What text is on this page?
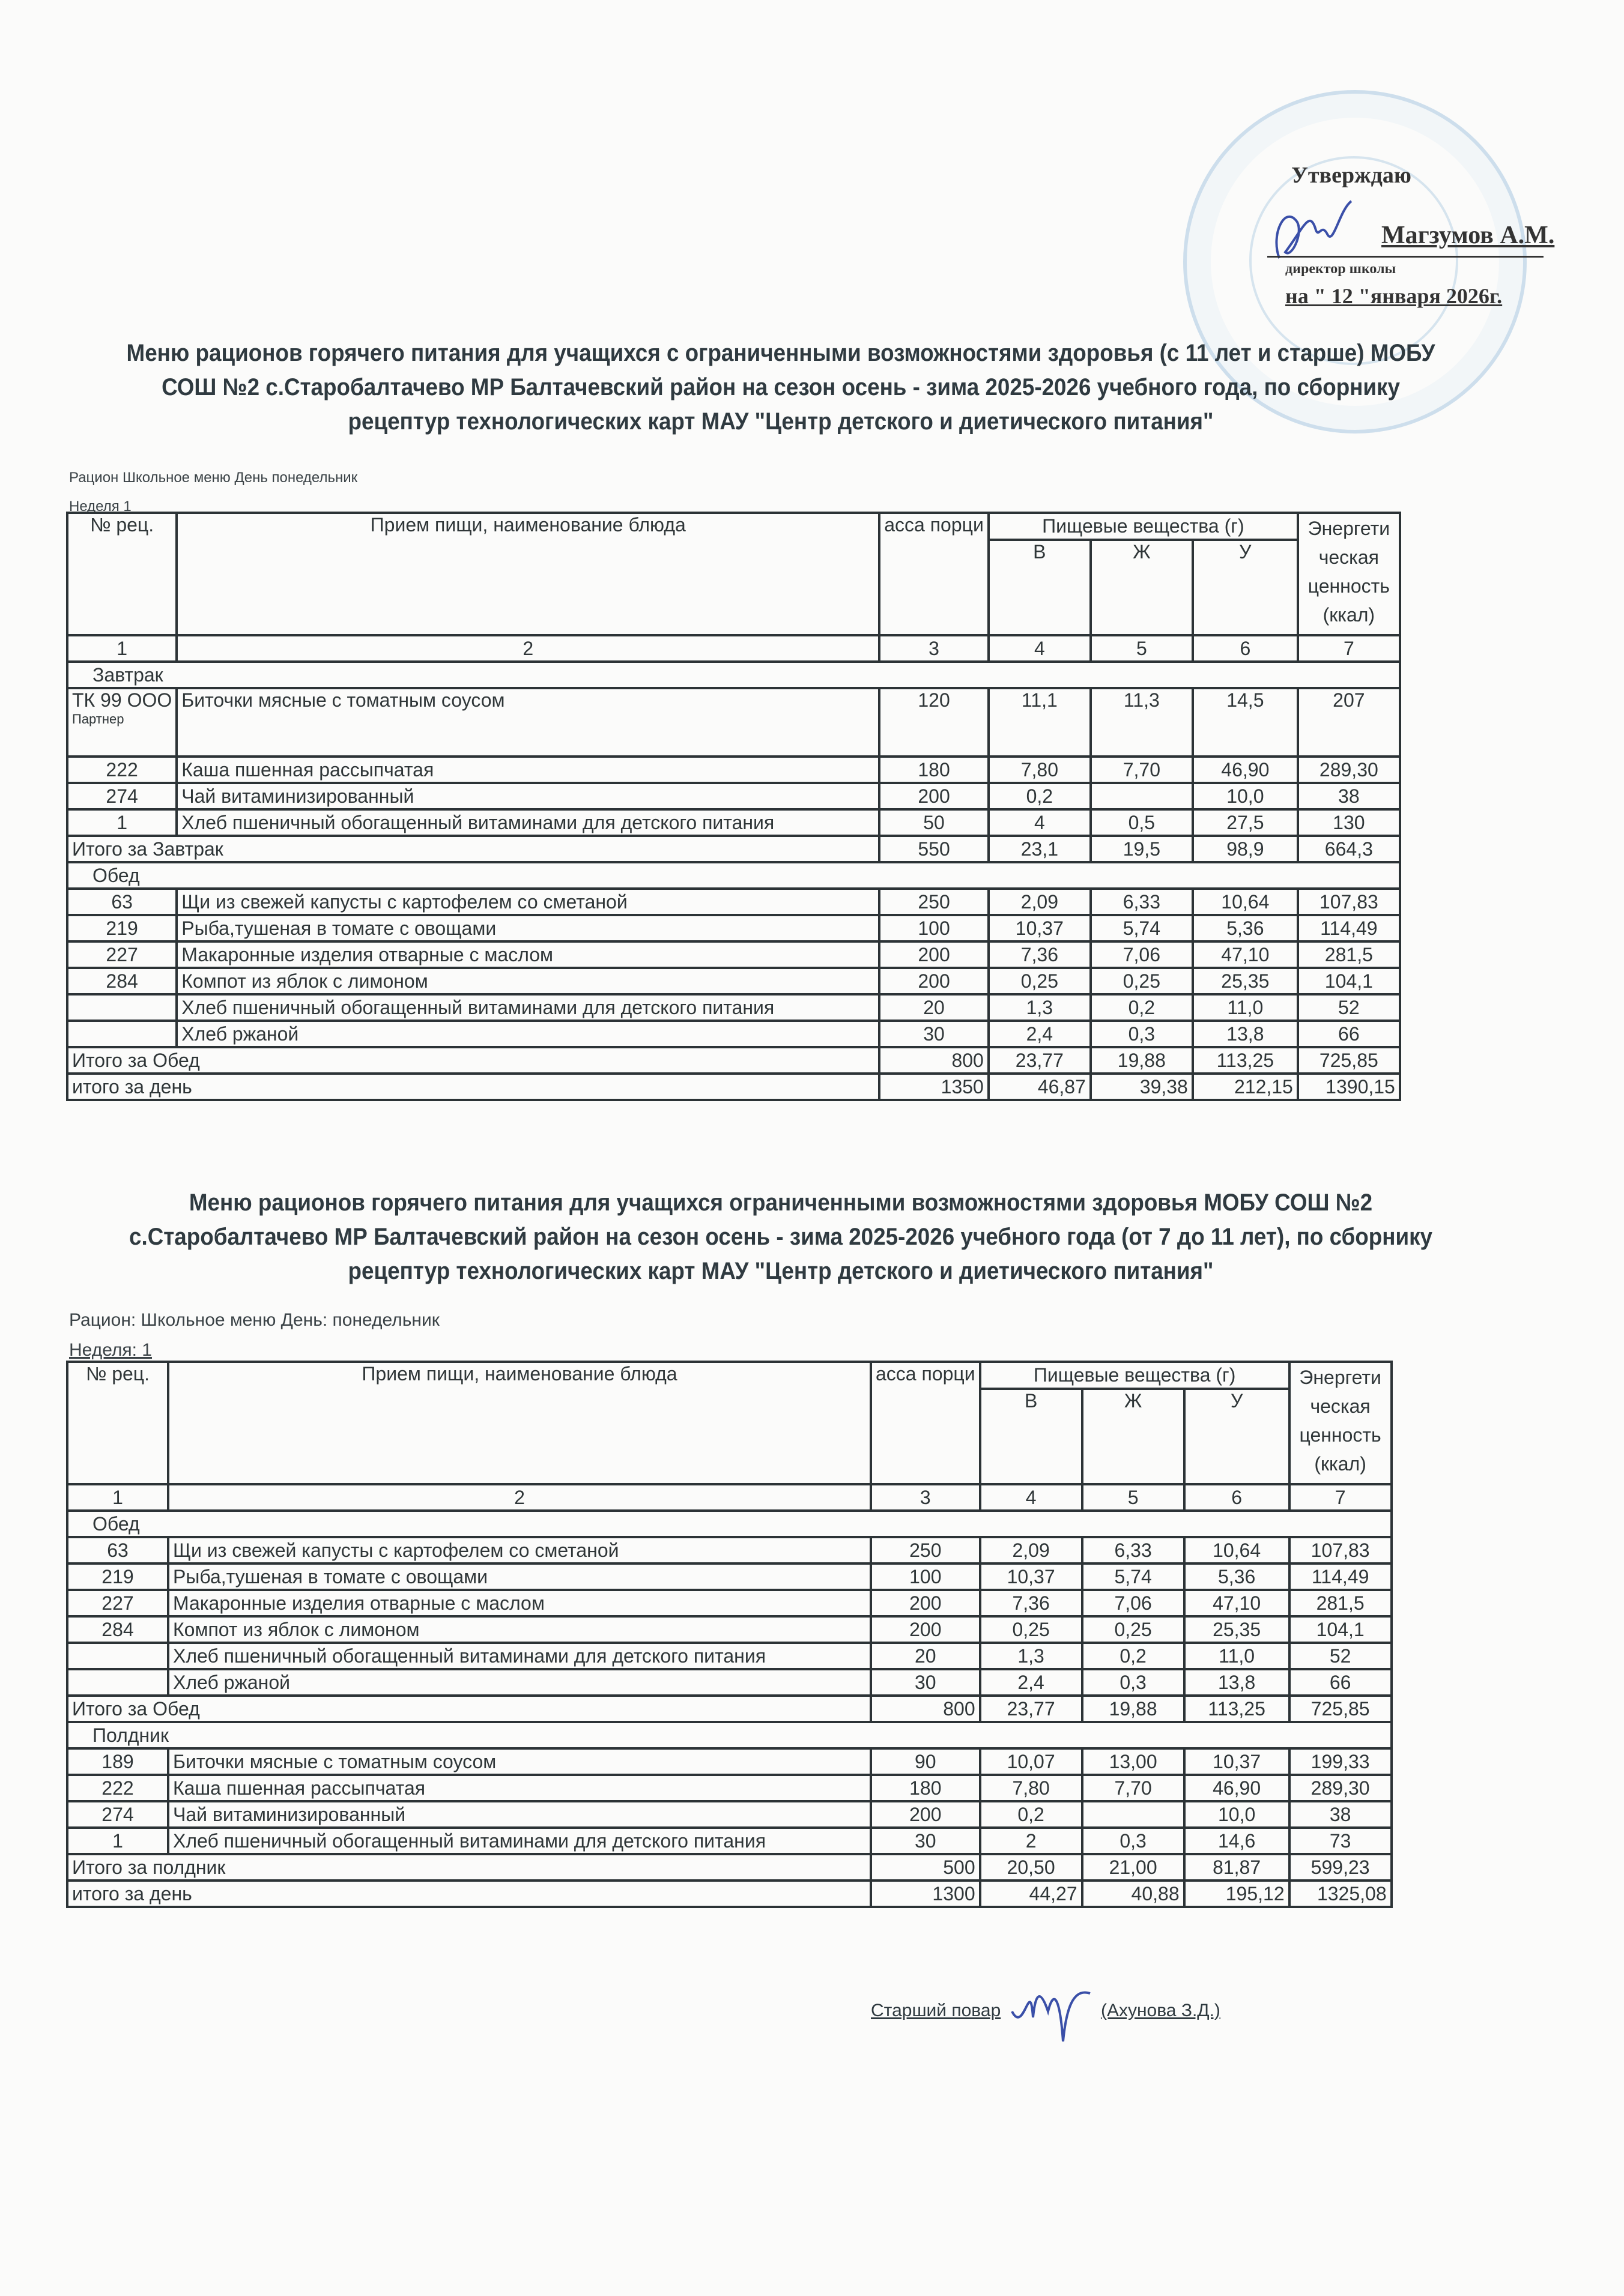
Утверждаю
Магзумов А.М.
директор школы
на " 12 "января 2026г.
Меню рационов горячего питания для учащихся с ограниченными возможностями здоровья (с 11 лет и старше) МОБУ
СОШ №2 с.Старобалтачево МР Балтачевский район на сезон осень - зима 2025-2026 учебного года, по сборнику
рецептур технологических карт МАУ "Центр детского и диетического питания"
Рацион Школьное меню День понедельник
Неделя 1
№ рец.	Прием пищи, наименование блюда	асса порци	Пищевые вещества (г)			Энергети
ческая
ценность
(ккал)

			В	Ж	У	
1	2	3	4	5	6	7
Завтрак						

ТК 99 ООО
Партнер	Биточки мясные с томатным соусом	120	11,1	11,3	14,5	207

222	Каша пшенная рассыпчатая	180	7,80	7,70	46,90	289,30

274	Чай витаминизированный	200	0,2		10,0	38

1	Хлеб пшеничный обогащенный витаминами для детского питания	50	4	0,5	27,5	130
Итого за Завтрак		550	23,1	19,5	98,9	664,3
Обед						

63	Щи из свежей капусты с картофелем со сметаной	250	2,09	6,33	10,64	107,83

219	Рыба,тушеная в томате с овощами	100	10,37	5,74	5,36	114,49

227	Макаронные изделия отварные с маслом	200	7,36	7,06	47,10	281,5

284	Компот из яблок с лимоном	200	0,25	0,25	25,35	104,1

	Хлеб пшеничный обогащенный витаминами для детского питания	20	1,3	0,2	11,0	52

	Хлеб ржаной	30	2,4	0,3	13,8	66
Итого за Обед		800	23,77	19,88	113,25	725,85
итого за день		1350	46,87	39,38	212,15	1390,15
Меню рационов горячего питания для учащихся ограниченными возможностями здоровья МОБУ СОШ №2
с.Старобалтачево МР Балтачевский район на сезон осень - зима 2025-2026 учебного года (от 7 до 11 лет), по сборнику
рецептур технологических карт МАУ "Центр детского и диетического питания"
Рацион: Школьное меню День: понедельник
Неделя: 1
№ рец.	Прием пищи, наименование блюда	асса порци	Пищевые вещества (г)			Энергети
ческая
ценность
(ккал)

			В	Ж	У	
1	2	3	4	5	6	7
Обед						

63	Щи из свежей капусты с картофелем со сметаной	250	2,09	6,33	10,64	107,83

219	Рыба,тушеная в томате с овощами	100	10,37	5,74	5,36	114,49

227	Макаронные изделия отварные с маслом	200	7,36	7,06	47,10	281,5

284	Компот из яблок с лимоном	200	0,25	0,25	25,35	104,1

	Хлеб пшеничный обогащенный витаминами для детского питания	20	1,3	0,2	11,0	52

	Хлеб ржаной	30	2,4	0,3	13,8	66
Итого за Обед		800	23,77	19,88	113,25	725,85
Полдник						

189	Биточки мясные с томатным соусом	90	10,07	13,00	10,37	199,33

222	Каша пшенная рассыпчатая	180	7,80	7,70	46,90	289,30

274	Чай витаминизированный	200	0,2		10,0	38

1	Хлеб пшеничный обогащенный витаминами для детского питания	30	2	0,3	14,6	73
Итого за полдник		500	20,50	21,00	81,87	599,23
итого за день		1300	44,27	40,88	195,12	1325,08
Старший повар	(Ахунова З.Д.)
